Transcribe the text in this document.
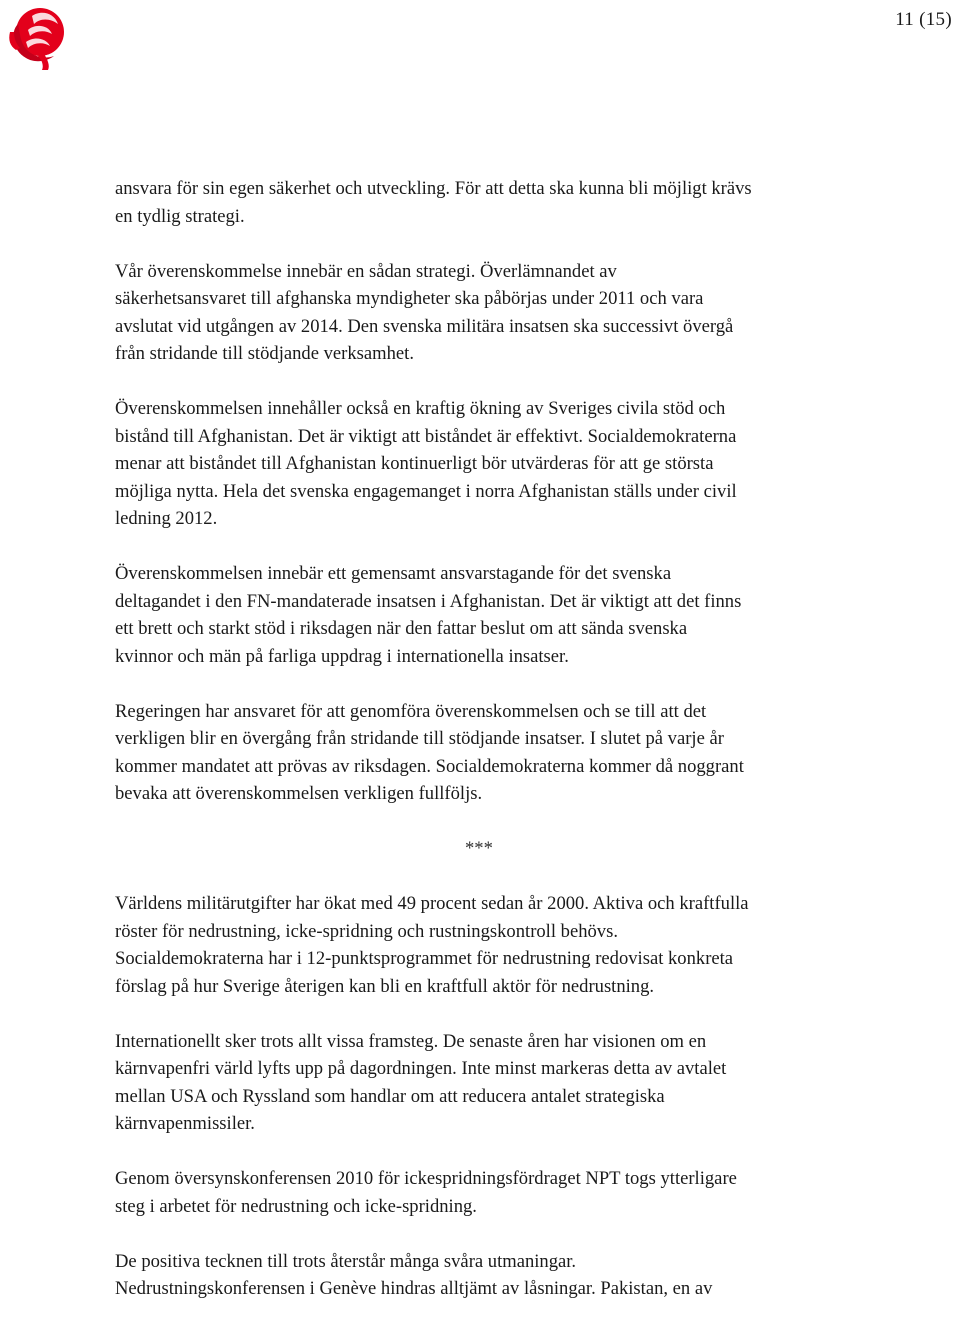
11 (15)

ansvara för sin egen säkerhet och utveckling. För att detta ska kunna bli möjligt krävs
en tydlig strategi.

Vår överenskommelse innebär en sådan strategi. Överlämnandet av
säkerhetsansvaret till afghanska myndigheter ska påbörjas under 2011 och vara
avslutat vid utgången av 2014. Den svenska militära insatsen ska successivt övergå
från stridande till stödjande verksamhet.

Överenskommelsen innehåller också en kraftig ökning av Sveriges civila stöd och
bistånd till Afghanistan. Det är viktigt att biståndet är effektivt. Socialdemokraterna
menar att biståndet till Afghanistan kontinuerligt bör utvärderas för att ge största
möjliga nytta. Hela det svenska engagemanget i norra Afghanistan ställs under civil
ledning 2012.

Överenskommelsen innebär ett gemensamt ansvarstagande för det svenska
deltagandet i den FN-mandaterade insatsen i Afghanistan. Det är viktigt att det finns
ett brett och starkt stöd i riksdagen när den fattar beslut om att sända svenska
kvinnor och män på farliga uppdrag i internationella insatser.

Regeringen har ansvaret för att genomföra överenskommelsen och se till att det
verkligen blir en övergång från stridande till stödjande insatser. I slutet på varje år
kommer mandatet att prövas av riksdagen. Socialdemokraterna kommer då noggrant
bevaka att överenskommelsen verkligen fullföljs.

***

Världens militärutgifter har ökat med 49 procent sedan år 2000. Aktiva och kraftfulla
röster för nedrustning, icke-spridning och rustningskontroll behövs.
Socialdemokraterna har i 12-punktsprogrammet för nedrustning redovisat konkreta
förslag på hur Sverige återigen kan bli en kraftfull aktör för nedrustning.

Internationellt sker trots allt vissa framsteg. De senaste åren har visionen om en
kärnvapenfri värld lyfts upp på dagordningen. Inte minst markeras detta av avtalet
mellan USA och Ryssland som handlar om att reducera antalet strategiska
kärnvapenmissiler.

Genom översynskonferensen 2010 för ickespridningsfördraget NPT togs ytterligare
steg i arbetet för nedrustning och icke-spridning.

De positiva tecknen till trots återstår många svåra utmaningar.
Nedrustningskonferensen i Genève hindras alltjämt av låsningar. Pakistan, en av
